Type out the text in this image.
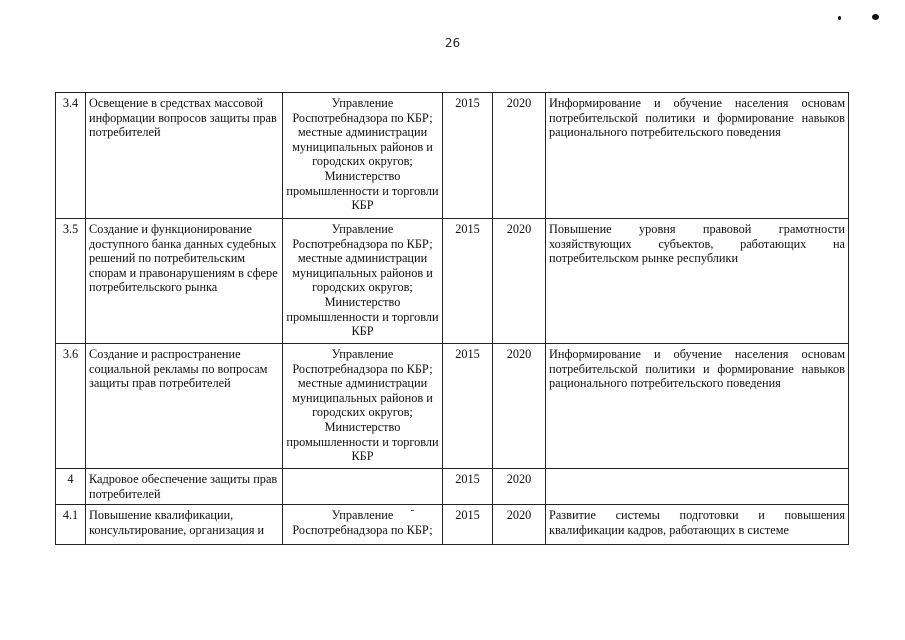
26
3.4	Освещение в средствах массовой информации вопросов защиты прав потребителей	Управление Роспотребнадзора по КБР; местные администрации муниципальных районов и городских округов; Министерство промышленности и торговли КБР	2015	2020	Информирование и обучение населения основам потребительской политики и формирование навыков рационального потребительского поведения
3.5	Создание и функционирование доступного банка данных судебных решений по потребительским спорам и правонарушениям в сфере потребительского рынка	Управление Роспотребнадзора по КБР; местные администрации муниципальных районов и городских округов; Министерство промышленности и торговли КБР	2015	2020	Повышение уровня правовой грамотности хозяйствующих субъектов, работающих на потребительском рынке республики
3.6	Создание и распространение социальной рекламы по вопросам защиты прав потребителей	Управление Роспотребнадзора по КБР; местные администрации муниципальных районов и городских округов; Министерство промышленности и торговли КБР	2015	2020	Информирование и обучение населения основам потребительской политики и формирование навыков рационального потребительского поведения
4	Кадровое обеспечение защиты прав потребителей		2015	2020	
4.1	Повышение квалификации, консультирование, организация и	Управление Роспотребнадзора по КБР;	2015	2020	Развитие системы подготовки и повышения квалификации кадров, работающих в системе
